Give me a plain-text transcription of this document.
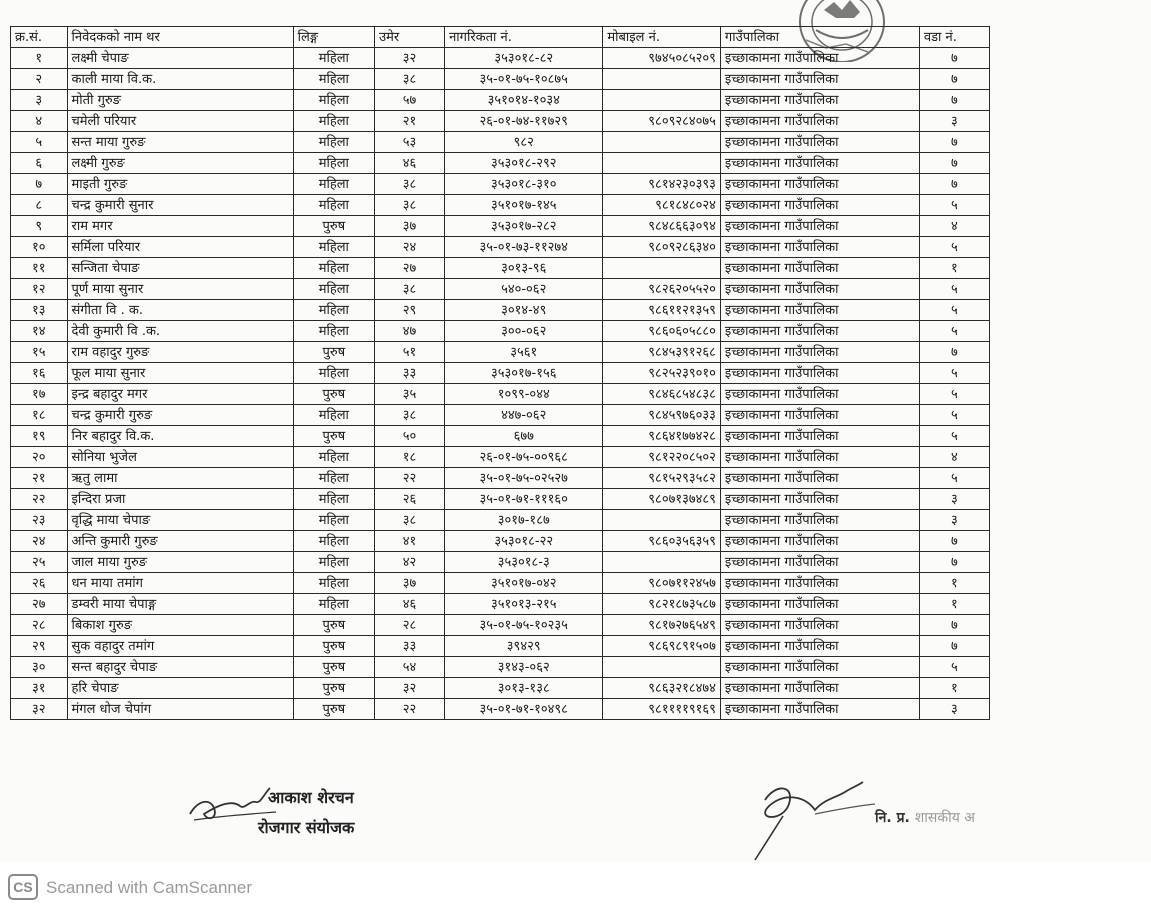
क्र.सं.	निवेदकको नाम थर	लिङ्ग	उमेर	नागरिकता नं.	मोबाइल नं.	गाउँपालिका	वडा नं.
१	लक्ष्मी चेपाङ	महिला	३२	३५३०१८-८२	९७४५०८५२०९	इच्छाकामना गाउँपालिका	७
२	काली माया वि.क.	महिला	३८	३५-०१-७५-१०८७५		इच्छाकामना गाउँपालिका	७
३	मोती गुरुङ	महिला	५७	३५१०१४-१०३४		इच्छाकामना गाउँपालिका	७
४	चमेली परियार	महिला	२१	२६-०१-७४-११७२९	९८०९२८४०७५	इच्छाकामना गाउँपालिका	३
५	सन्त माया गुरुङ	महिला	५३	९८२		इच्छाकामना गाउँपालिका	७
६	लक्ष्मी गुरुङ	महिला	४६	३५३०१८-२९२		इच्छाकामना गाउँपालिका	७
७	माइती गुरुङ	महिला	३८	३५३०१८-३१०	९८१४२३०३९३	इच्छाकामना गाउँपालिका	७
८	चन्द्र कुमारी सुनार	महिला	३८	३५१०१७-१४५	९८१८४८०२४	इच्छाकामना गाउँपालिका	५
९	राम मगर	पुरुष	३७	३५३०१७-२८२	९८४८६६३०९४	इच्छाकामना गाउँपालिका	४
१०	सर्मिला परियार	महिला	२४	३५-०१-७३-११२७४	९८०९२८६३४०	इच्छाकामना गाउँपालिका	५
११	सन्जिता चेपाङ	महिला	२७	३०१३-९६		इच्छाकामना गाउँपालिका	१
१२	पूर्ण माया सुनार	महिला	३८	५४०-०६२	९८२६२०५५२०	इच्छाकामना गाउँपालिका	५
१३	संगीता वि . क.	महिला	२९	३०१४-४९	९८६११२१३५९	इच्छाकामना गाउँपालिका	५
१४	देवी कुमारी वि .क.	महिला	४७	३००-०६२	९८६०६०५८८०	इच्छाकामना गाउँपालिका	५
१५	राम वहादुर गुरुङ	पुरुष	५१	३५६१	९८४५३९१२६८	इच्छाकामना गाउँपालिका	७
१६	फूल माया सुनार	महिला	३३	३५३०१७-१५६	९८२५२३९०१०	इच्छाकामना गाउँपालिका	५
१७	इन्द्र बहादुर मगर	पुरुष	३५	१०९९-०४४	९८४६८५४८३८	इच्छाकामना गाउँपालिका	५
१८	चन्द्र कुमारी गुरुङ	महिला	३८	४४७-०६२	९८४५९७६०३३	इच्छाकामना गाउँपालिका	५
१९	निर बहादुर वि.क.	पुरुष	५०	६७७	९८६४१७७४२८	इच्छाकामना गाउँपालिका	५
२०	सोनिया भुजेल	महिला	१८	२६-०१-७५-००९६८	९८१२२०८५०२	इच्छाकामना गाउँपालिका	४
२१	ऋतु लामा	महिला	२२	३५-०१-७५-०२५२७	९८१५२९३५८२	इच्छाकामना गाउँपालिका	५
२२	इन्दिरा प्रजा	महिला	२६	३५-०१-७१-१११६०	९८०७१३७४८९	इच्छाकामना गाउँपालिका	३
२३	वृद्धि माया चेपाङ	महिला	३८	३०१७-१८७		इच्छाकामना गाउँपालिका	३
२४	अन्ति कुमारी गुरुङ	महिला	४१	३५३०१८-२२	९८६०३५६३५९	इच्छाकामना गाउँपालिका	७
२५	जाल माया गुरुङ	महिला	४२	३५३०१८-३		इच्छाकामना गाउँपालिका	७
२६	धन माया तमांग	महिला	३७	३५१०१७-०४२	९८०७११२४५७	इच्छाकामना गाउँपालिका	१
२७	डम्वरी माया चेपाङ्ग	महिला	४६	३५१०१३-२१५	९८२१८७३५८७	इच्छाकामना गाउँपालिका	१
२८	बिकाश गुरुङ	पुरुष	२८	३५-०१-७५-१०२३५	९८१७२७६५४९	इच्छाकामना गाउँपालिका	७
२९	सुक वहादुर तमांग	पुरुष	३३	३९४२९	९८६९८९१५०७	इच्छाकामना गाउँपालिका	७
३०	सन्त बहादुर चेपाङ	पुरुष	५४	३१४३-०६२		इच्छाकामना गाउँपालिका	५
३१	हरि चेपाङ	पुरुष	३२	३०१३-१३८	९८६३२१८४७४	इच्छाकामना गाउँपालिका	१
३२	मंगल धोज चेपांग	पुरुष	२२	३५-०१-७१-१०४९८	९८११११९१६९	इच्छाकामना गाउँपालिका	३
आकाश शेरचन
रोजगार संयोजक	नि. प्र. शासकीय अ
CS Scanned with CamScanner
